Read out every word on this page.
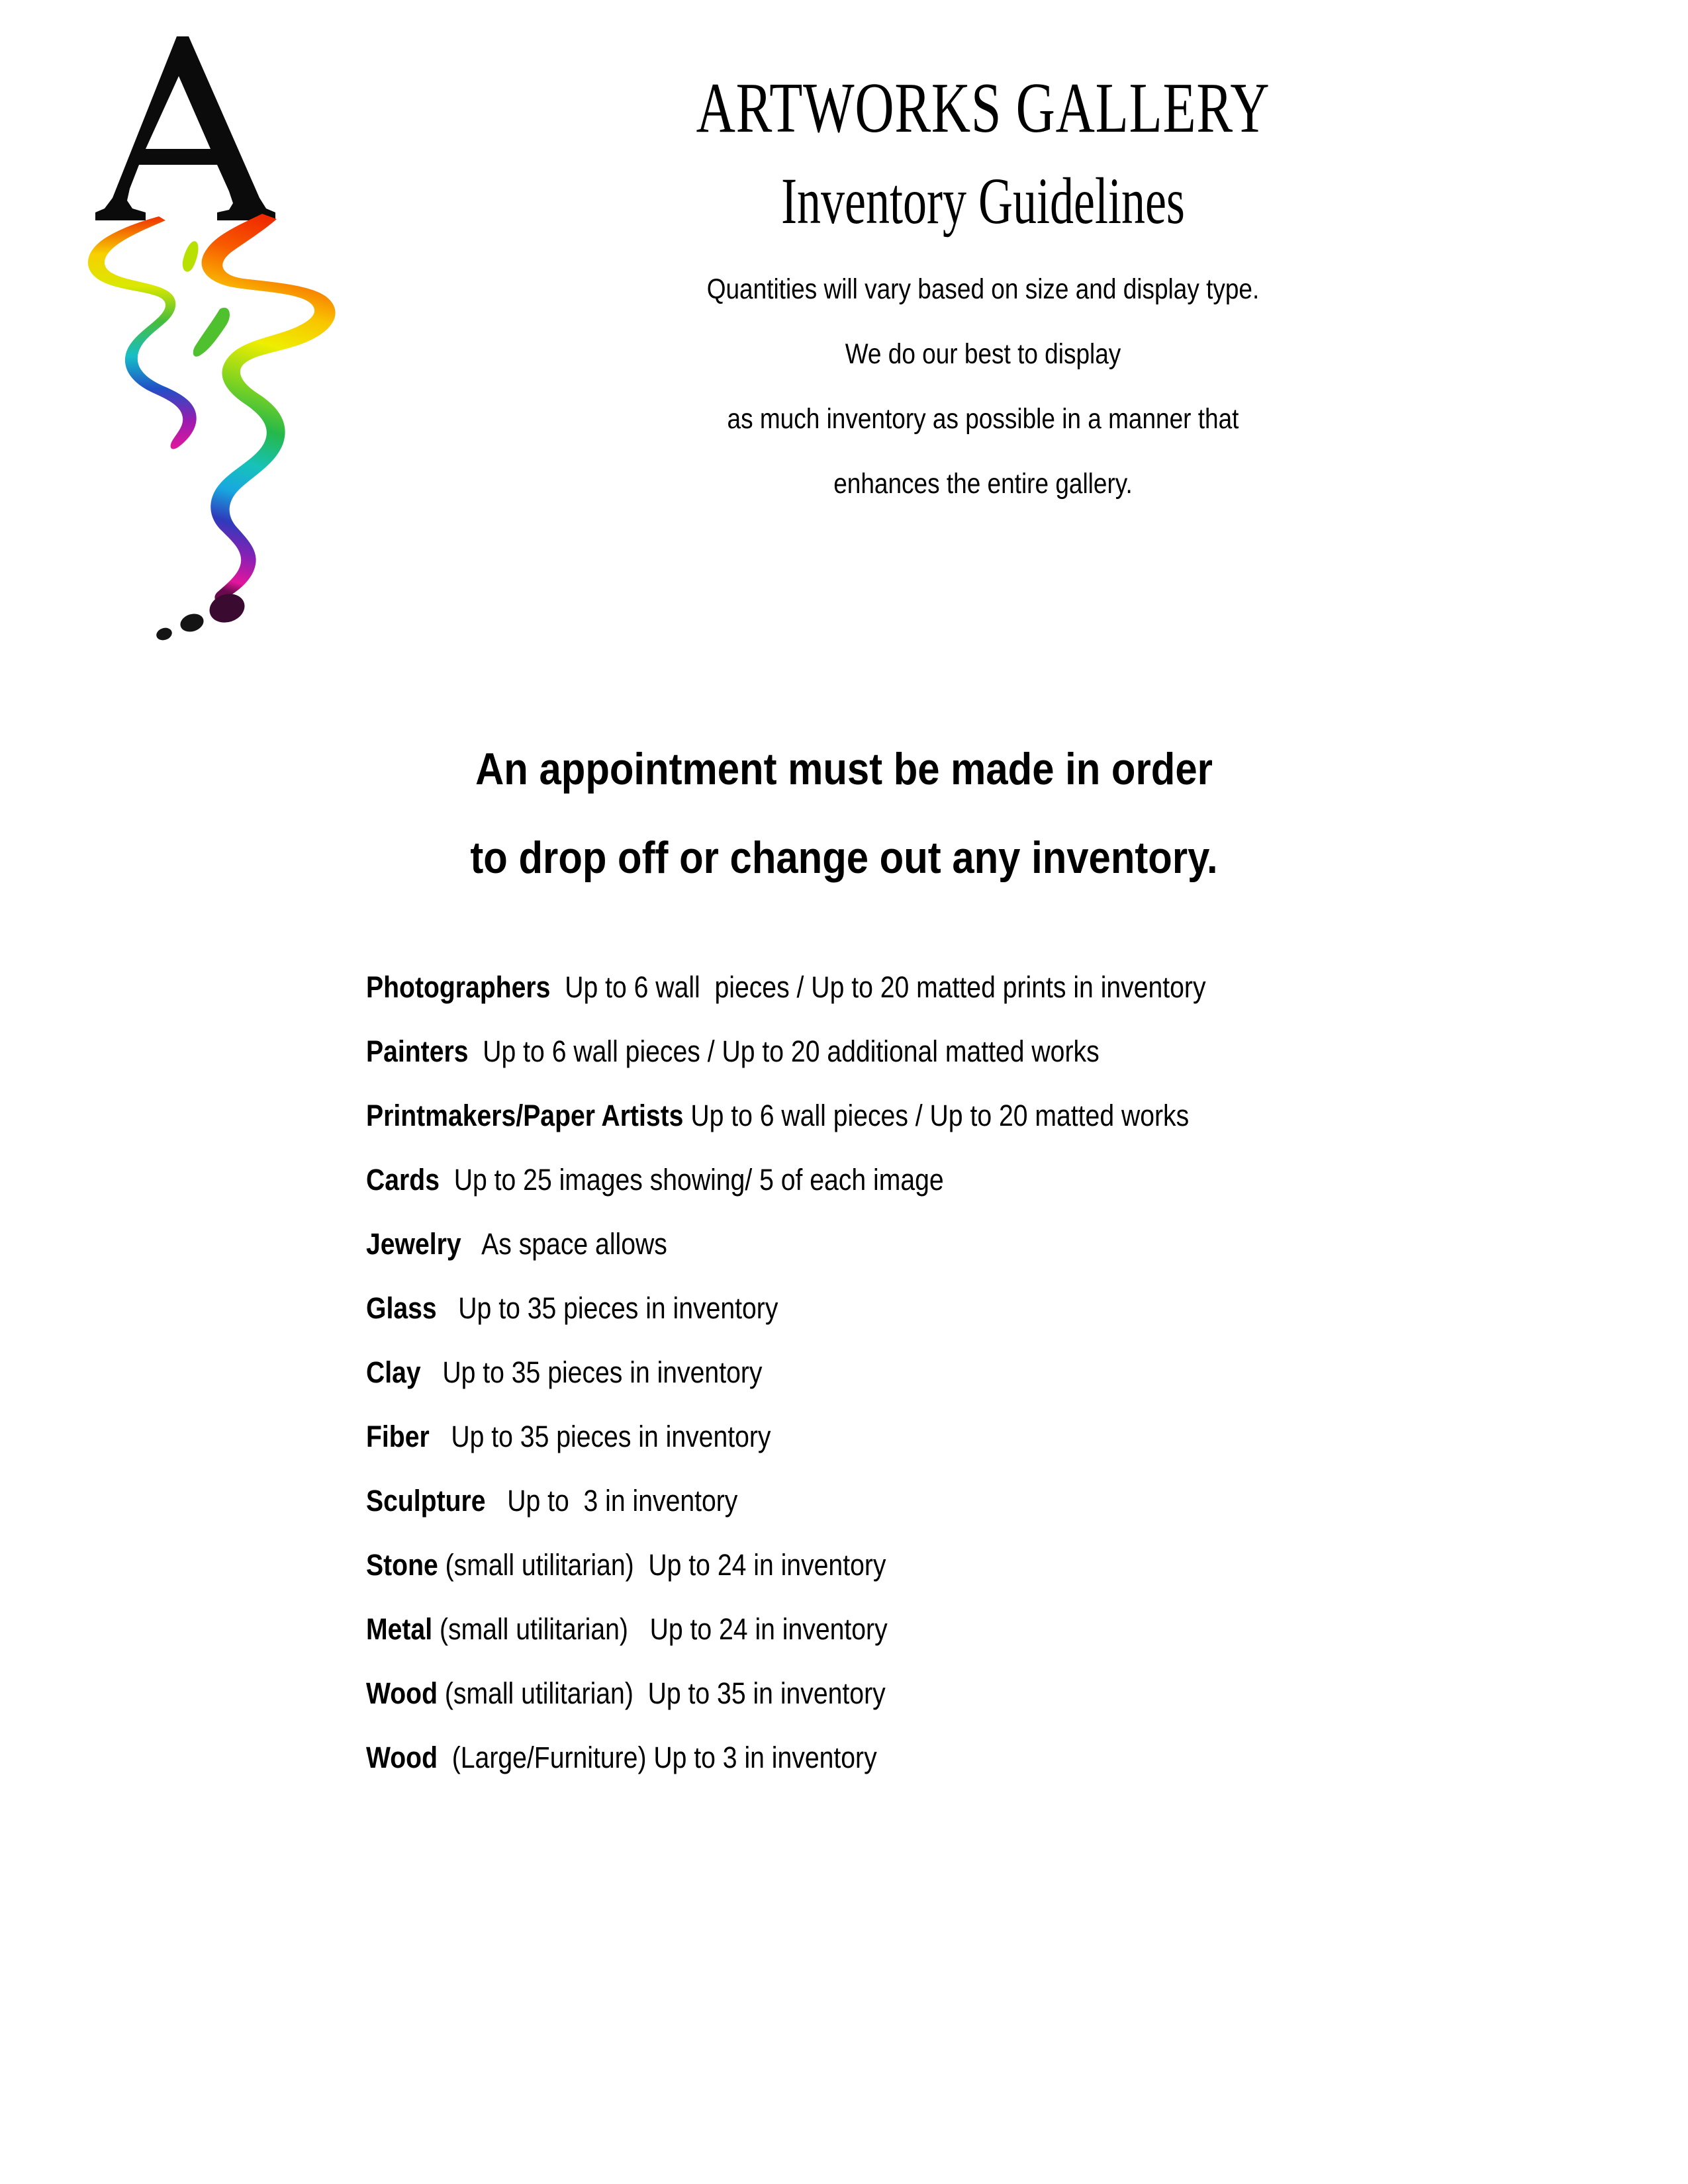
ARTWORKS GALLERY
Inventory Guidelines
Quantities will vary based on size and display type.
We do our best to display
as much inventory as possible in a manner that
enhances the entire gallery.
An appointment must be made in order
to drop off or change out any inventory.
Photographers  Up to 6 wall  pieces / Up to 20 matted prints in inventory
Painters  Up to 6 wall pieces / Up to 20 additional matted works
Printmakers/Paper Artists Up to 6 wall pieces / Up to 20 matted works
Cards  Up to 25 images showing/ 5 of each image
Jewelry   As space allows
Glass   Up to 35 pieces in inventory
Clay   Up to 35 pieces in inventory
Fiber   Up to 35 pieces in inventory
Sculpture   Up to  3 in inventory
Stone (small utilitarian)  Up to 24 in inventory
Metal (small utilitarian)   Up to 24 in inventory
Wood (small utilitarian)  Up to 35 in inventory
Wood  (Large/Furniture) Up to 3 in inventory
